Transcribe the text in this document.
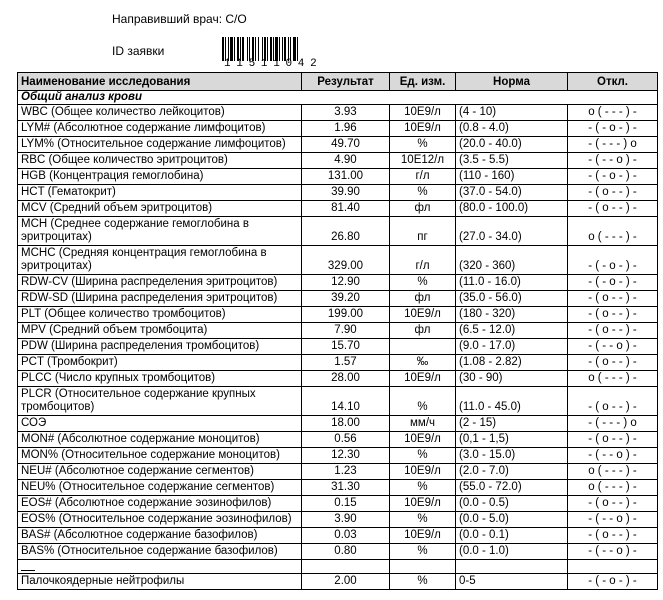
Направивший врач: С/О
ID заявки
11511042
Наименование исследования	Результат	Ед. изм.	Норма	Откл.
Общий анализ крови				
WBC (Общее количество лейкоцитов)	3.93	10E9/л	(4 - 10)	о ( - - - ) -
LYM# (Абсолютное содержание лимфоцитов)	1.96	10E9/л	(0.8 - 4.0)	- ( - о - ) -
LYM% (Относительное содержание лимфоцитов)	49.70	%	(20.0 - 40.0)	- ( - - - ) о
RBC (Общее количество эритроцитов)	4.90	10E12/л	(3.5 - 5.5)	- ( - - о ) -
HGB (Концентрация гемоглобина)	131.00	г/л	(110 - 160)	- ( - о - ) -
HCT (Гематокрит)	39.90	%	(37.0 - 54.0)	- ( о - - ) -
MCV (Средний объем эритроцитов)	81.40	фл	(80.0 - 100.0)	- ( о - - ) -
MCH (Среднее содержание гемоглобина в эритроцитах)	26.80	пг	(27.0 - 34.0)	о ( - - - ) -
MCHC (Средняя концентрация гемоглобина в эритроцитах)	329.00	г/л	(320 - 360)	- ( - о - ) -
RDW-CV (Ширина распределения эритроцитов)	12.90	%	(11.0 - 16.0)	- ( - о - ) -
RDW-SD (Ширина распределения эритроцитов)	39.20	фл	(35.0 - 56.0)	- ( о - - ) -
PLT (Общее количество тромбоцитов)	199.00	10E9/л	(180 - 320)	- ( о - - ) -
MPV (Средний объем тромбоцита)	7.90	фл	(6.5 - 12.0)	- ( о - - ) -
PDW (Ширина распределения тромбоцитов)	15.70		(9.0 - 17.0)	- ( - - о ) -
PCT (Тромбокрит)	1.57	‰	(1.08 - 2.82)	- ( о - - ) -
PLCC (Число крупных тромбоцитов)	28.00	10E9/л	(30 - 90)	о ( - - - ) -
PLCR (Относительное содержание крупных тромбоцитов)	14.10	%	(11.0 - 45.0)	- ( о - - ) -
СОЭ	18.00	мм/ч	(2 - 15)	- ( - - - ) о
MON# (Абсолютное содержание моноцитов)	0.56	10E9/л	(0,1 - 1,5)	- ( о - - ) -
MON% (Относительное содержание моноцитов)	12.30	%	(3.0 - 15.0)	- ( - - о ) -
NEU# (Абсолютное содержание сегментов)	1.23	10E9/л	(2.0 - 7.0)	о ( - - - ) -
NEU% (Относительное содержание сегментов)	31.30	%	(55.0 - 72.0)	о ( - - - ) -
EOS# (Абсолютное содержание эозинофилов)	0.15	10E9/л	(0.0 - 0.5)	- ( о - - ) -
EOS% (Относительное содержание эозинофилов)	3.90	%	(0.0 - 5.0)	- ( - - о ) -
BAS# (Абсолютное содержание базофилов)	0.03	10E9/л	(0.0 - 0.1)	- ( о - - ) -
BAS% (Относительное содержание базофилов)	0.80	%	(0.0 - 1.0)	- ( - - о ) -

Палочкоядерные нейтрофилы	2.00	%	0-5	- ( - о - ) -
